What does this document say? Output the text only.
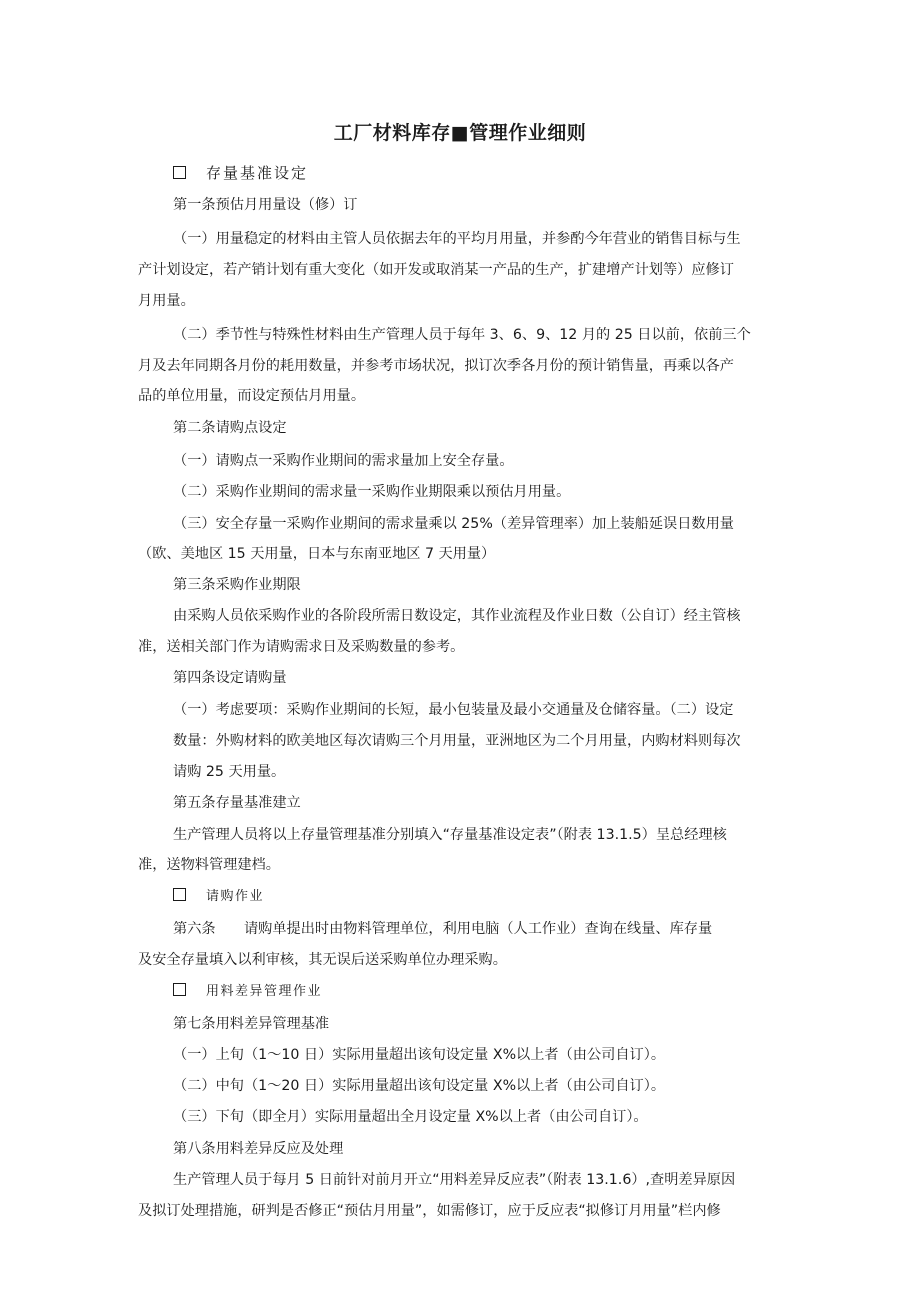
工厂材料库存■管理作业细则
存量基准设定
第一条预估月用量设（修）订
（一）用量稳定的材料由主管人员依据去年的平均月用量，并参酌今年营业的销售目标与生
产计划设定，若产销计划有重大变化（如开发或取消某一产品的生产，扩建增产计划等）应修订
月用量。
（二）季节性与特殊性材料由生产管理人员于每年 3、6、9、12 月的 25 日以前，依前三个
月及去年同期各月份的耗用数量，并参考市场状况，拟订次季各月份的预计销售量，再乘以各产
品的单位用量，而设定预估月用量。
第二条请购点设定
（一）请购点一采购作业期间的需求量加上安全存量。
（二）采购作业期间的需求量一采购作业期限乘以预估月用量。
（三）安全存量一采购作业期间的需求量乘以 25%（差异管理率）加上装船延误日数用量
（欧、美地区 15 天用量，日本与东南亚地区 7 天用量）
第三条采购作业期限
由采购人员依采购作业的各阶段所需日数设定，其作业流程及作业日数（公自订）经主管核
准，送相关部门作为请购需求日及采购数量的参考。
第四条设定请购量
（一）考虑要项：采购作业期间的长短，最小包装量及最小交通量及仓储容量。（二）设定
数量：外购材料的欧美地区每次请购三个月用量，亚洲地区为二个月用量，内购材料则每次
请购 25 天用量。
第五条存量基准建立
生产管理人员将以上存量管理基准分别填入“存量基准设定表”（附表 13.1.5）呈总经理核
准，送物料管理建档。
请购作业
第六条　　请购单提出时由物料管理单位，利用电脑（人工作业）查询在线量、库存量
及安全存量填入以利审核，其无误后送采购单位办理采购。
用料差异管理作业
第七条用料差异管理基准
（一）上旬（1〜10 日）实际用量超出该旬设定量 X%以上者（由公司自订）。
（二）中旬（1〜20 日）实际用量超出该旬设定量 X%以上者（由公司自订）。
（三）下旬（即全月）实际用量超出全月设定量 X%以上者（由公司自订）。
第八条用料差异反应及处理
生产管理人员于每月 5 日前针对前月开立“用料差异反应表”（附表 13.1.6）,查明差异原因
及拟订处理措施，研判是否修正“预估月用量”，如需修订，应于反应表“拟修订月用量”栏内修
